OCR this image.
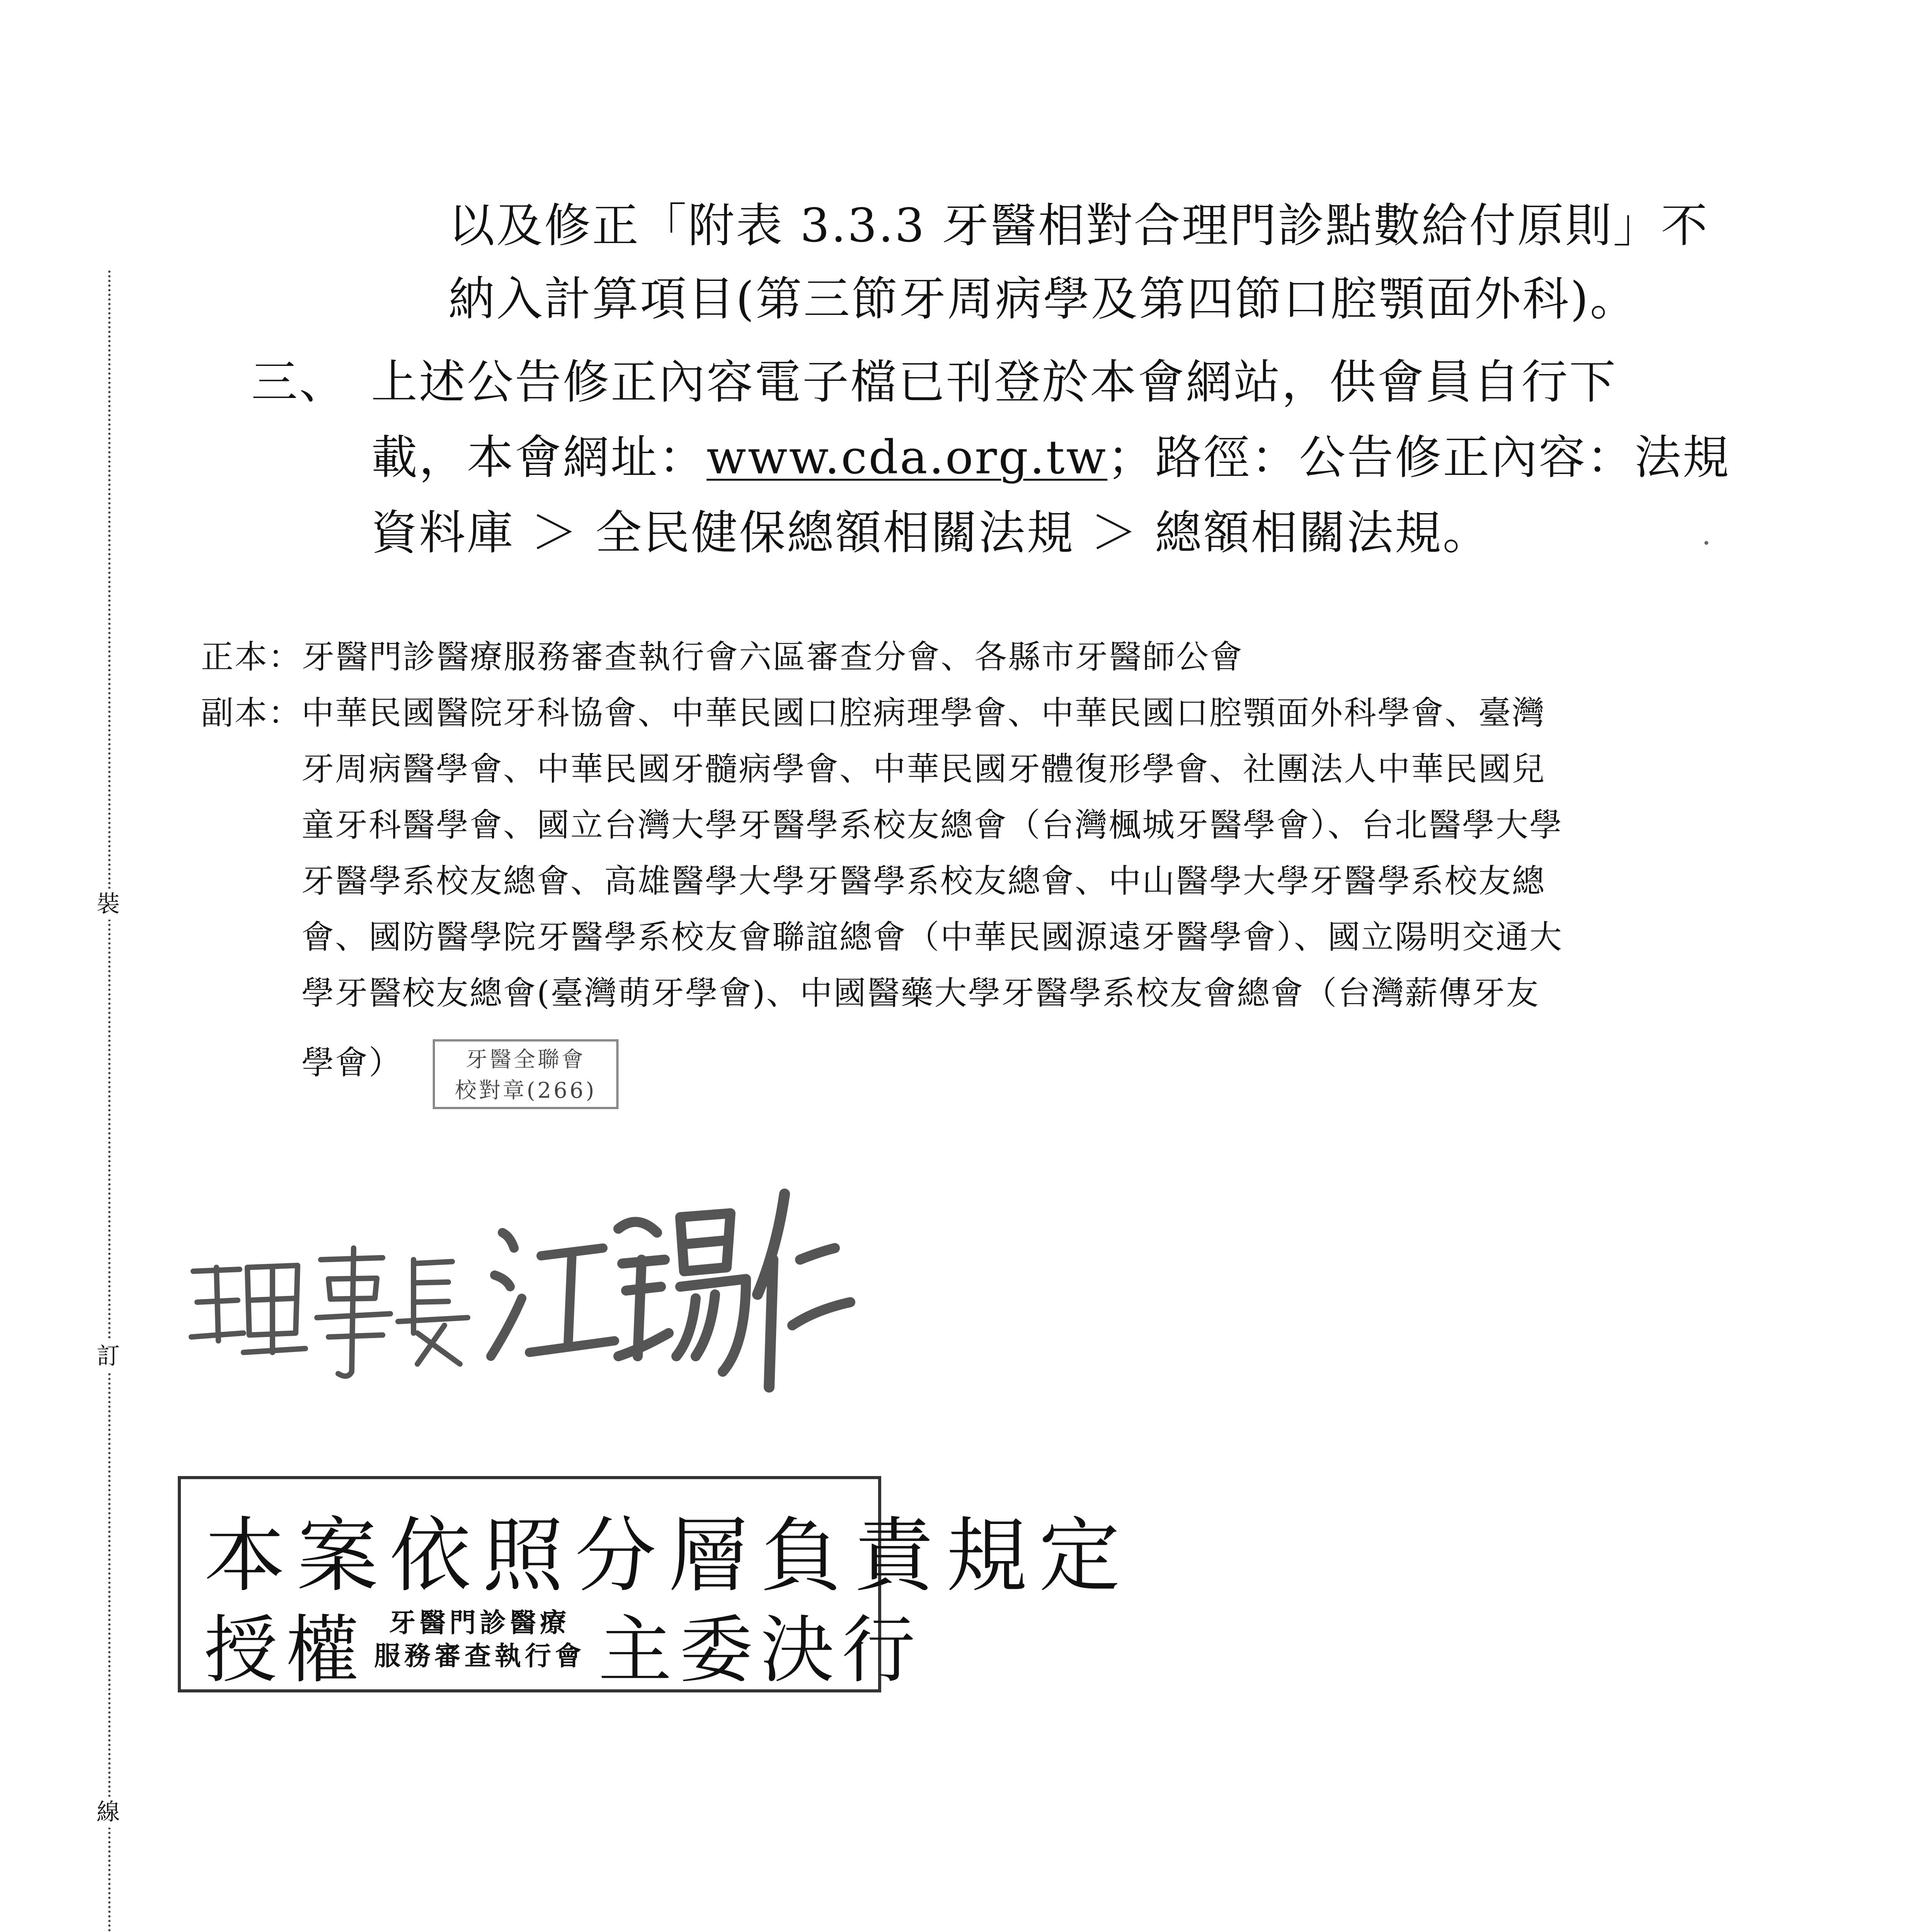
裝
訂
線
以及修正「附表 3.3.3 牙醫相對合理門診點數給付原則」不
納入計算項目(第三節牙周病學及第四節口腔顎面外科)。
三、 上述公告修正內容電子檔已刊登於本會網站，供會員自行下
載，本會網址：www.cda.org.tw；路徑：公告修正內容：法規
資料庫 ＞ 全民健保總額相關法規 ＞ 總額相關法規。
正本：牙醫門診醫療服務審查執行會六區審查分會、各縣市牙醫師公會
副本：
中華民國醫院牙科協會、中華民國口腔病理學會、中華民國口腔顎面外科學會、臺灣
牙周病醫學會、中華民國牙髓病學會、中華民國牙體復形學會、社團法人中華民國兒
童牙科醫學會、國立台灣大學牙醫學系校友總會（台灣楓城牙醫學會）、台北醫學大學
牙醫學系校友總會、高雄醫學大學牙醫學系校友總會、中山醫學大學牙醫學系校友總
會、國防醫學院牙醫學系校友會聯誼總會（中華民國源遠牙醫學會）、國立陽明交通大
學牙醫校友總會(臺灣萌牙學會)、中國醫藥大學牙醫學系校友會總會（台灣薪傳牙友
學會）	牙醫全聯會
校對章(266)
本案依照分層負責規定
授權 牙醫門診醫療
服務審查執行會 主委決行
